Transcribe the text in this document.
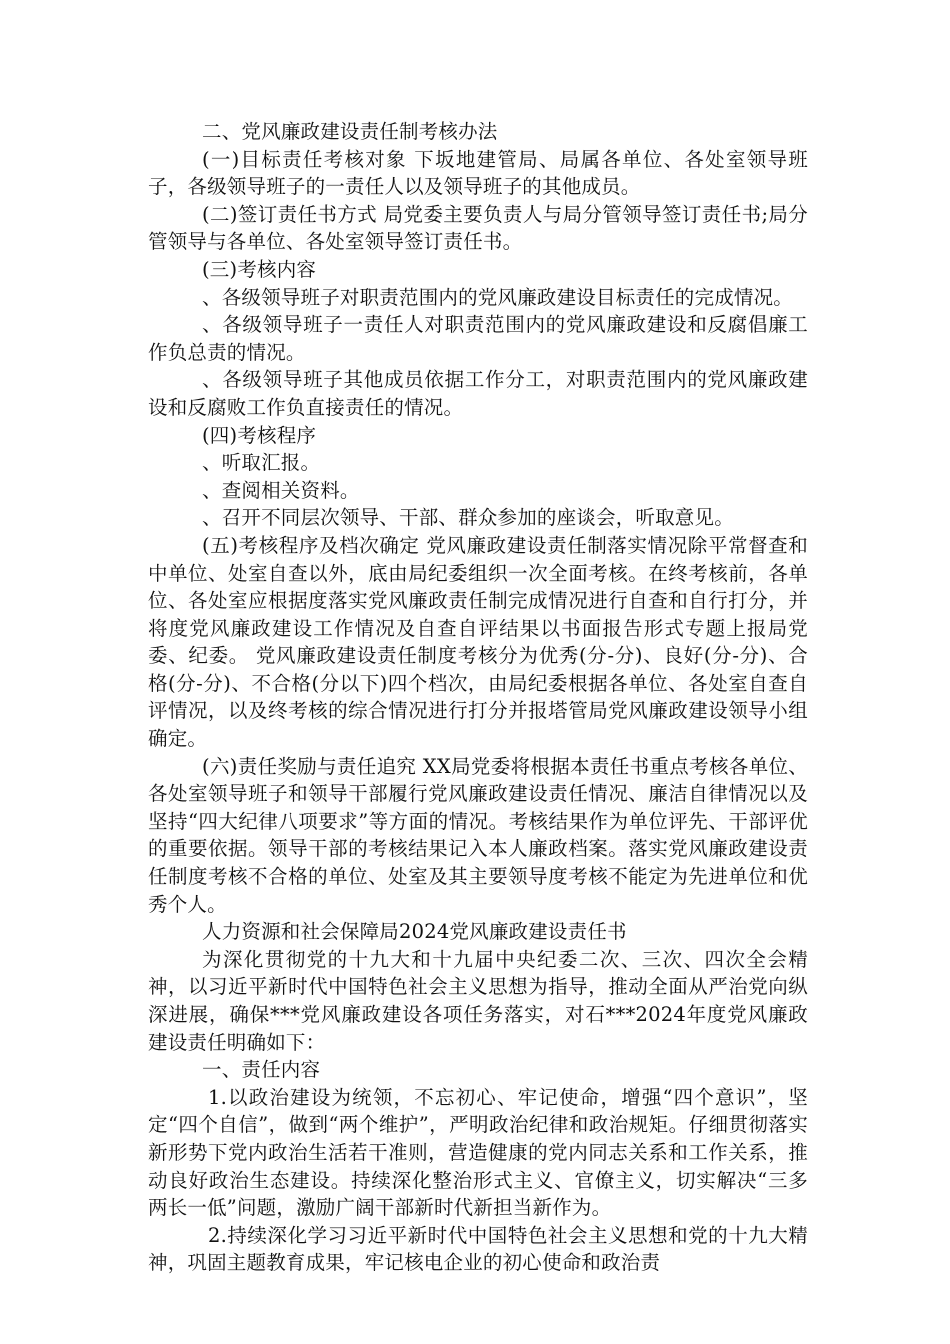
二、党风廉政建设责任制考核办法

(一)目标责任考核对象 下坂地建管局、局属各单位、各处室领导班子，各级领导班子的一责任人以及领导班子的其他成员。

(二)签订责任书方式 局党委主要负责人与局分管领导签订责任书;局分管领导与各单位、各处室领导签订责任书。

(三)考核内容

、各级领导班子对职责范围内的党风廉政建设目标责任的完成情况。

、各级领导班子一责任人对职责范围内的党风廉政建设和反腐倡廉工作负总责的情况。

、各级领导班子其他成员依据工作分工，对职责范围内的党风廉政建设和反腐败工作负直接责任的情况。

(四)考核程序

、听取汇报。

、查阅相关资料。

、召开不同层次领导、干部、群众参加的座谈会，听取意见。

(五)考核程序及档次确定 党风廉政建设责任制落实情况除平常督查和中单位、处室自查以外，底由局纪委组织一次全面考核。在终考核前，各单位、各处室应根据度落实党风廉政责任制完成情况进行自查和自行打分，并将度党风廉政建设工作情况及自查自评结果以书面报告形式专题上报局党委、纪委。 党风廉政建设责任制度考核分为优秀(分-分)、良好(分-分)、合格(分-分)、不合格(分以下)四个档次，由局纪委根据各单位、各处室自查自评情况，以及终考核的综合情况进行打分并报塔管局党风廉政建设领导小组确定。

(六)责任奖励与责任追究 XX局党委将根据本责任书重点考核各单位、各处室领导班子和领导干部履行党风廉政建设责任情况、廉洁自律情况以及坚持“四大纪律八项要求”等方面的情况。考核结果作为单位评先、干部评优的重要依据。领导干部的考核结果记入本人廉政档案。落实党风廉政建设责任制度考核不合格的单位、处室及其主要领导度考核不能定为先进单位和优秀个人。

人力资源和社会保障局2024党风廉政建设责任书

为深化贯彻党的十九大和十九届中央纪委二次、三次、四次全会精神，以习近平新时代中国特色社会主义思想为指导，推动全面从严治党向纵深进展，确保***党风廉政建设各项任务落实，对石***2024年度党风廉政建设责任明确如下：

一、责任内容

1.以政治建设为统领，不忘初心、牢记使命，增强“四个意识”，坚定“四个自信”，做到“两个维护”，严明政治纪律和政治规矩。仔细贯彻落实新形势下党内政治生活若干准则，营造健康的党内同志关系和工作关系，推动良好政治生态建设。持续深化整治形式主义、官僚主义，切实解决“三多两长一低”问题，激励广阔干部新时代新担当新作为。

2.持续深化学习习近平新时代中国特色社会主义思想和党的十九大精神，巩固主题教育成果，牢记核电企业的初心使命和政治责
